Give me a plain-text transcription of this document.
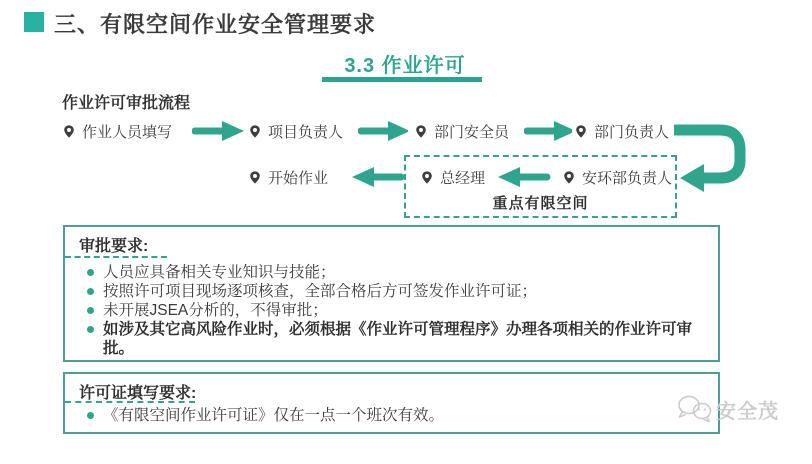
三、有限空间作业安全管理要求
3.3 作业许可
作业许可审批流程
作业人员填写	项目负责人	部门安全员	部门负责人
开始作业	总经理	安环部负责人
重点有限空间
审批要求:
人员应具备相关专业知识与技能；
按照许可项目现场逐项核查，全部合格后方可签发作业许可证；
未开展JSEA分析的，不得审批；
如涉及其它高风险作业时，必须根据《作业许可管理程序》办理各项相关的作业许可审批。
许可证填写要求:
《有限空间作业许可证》仅在一点一个班次有效。	安全茂
